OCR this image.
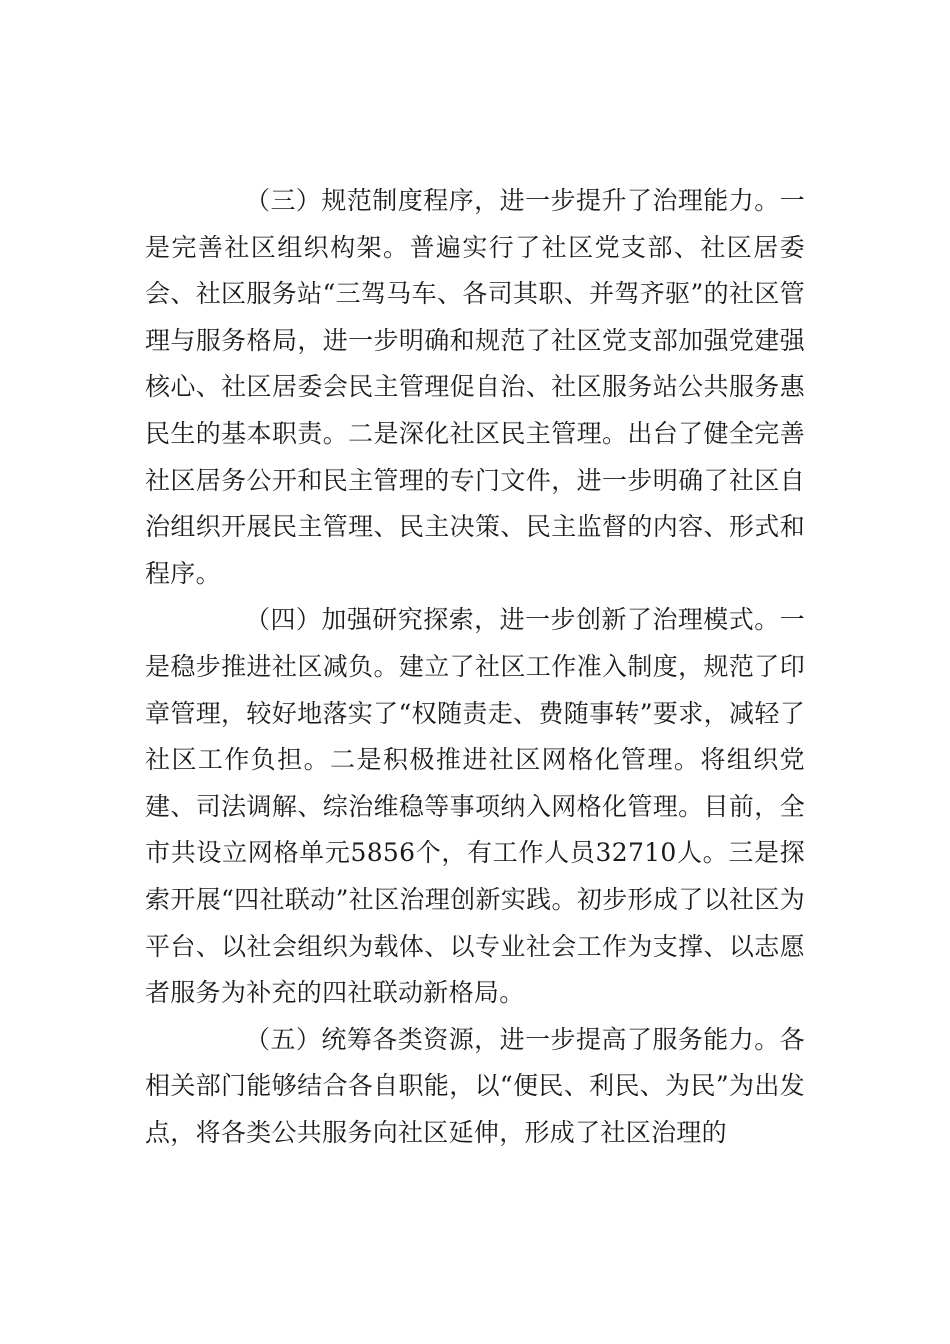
（三）规范制度程序，进一步提升了治理能力。一是完善社区组织构架。普遍实行了社区党支部、社区居委会、社区服务站“三驾马车、各司其职、并驾齐驱”的社区管理与服务格局，进一步明确和规范了社区党支部加强党建强核心、社区居委会民主管理促自治、社区服务站公共服务惠民生的基本职责。二是深化社区民主管理。出台了健全完善社区居务公开和民主管理的专门文件，进一步明确了社区自治组织开展民主管理、民主决策、民主监督的内容、形式和程序。

（四）加强研究探索，进一步创新了治理模式。一是稳步推进社区减负。建立了社区工作准入制度，规范了印章管理，较好地落实了“权随责走、费随事转”要求，减轻了社区工作负担。二是积极推进社区网格化管理。将组织党建、司法调解、综治维稳等事项纳入网格化管理。目前，全市共设立网格单元5856个，有工作人员32710人。三是探索开展“四社联动”社区治理创新实践。初步形成了以社区为平台、以社会组织为载体、以专业社会工作为支撑、以志愿者服务为补充的四社联动新格局。

（五）统筹各类资源，进一步提高了服务能力。各相关部门能够结合各自职能，以“便民、利民、为民”为出发点，将各类公共服务向社区延伸，形成了社区治理的
